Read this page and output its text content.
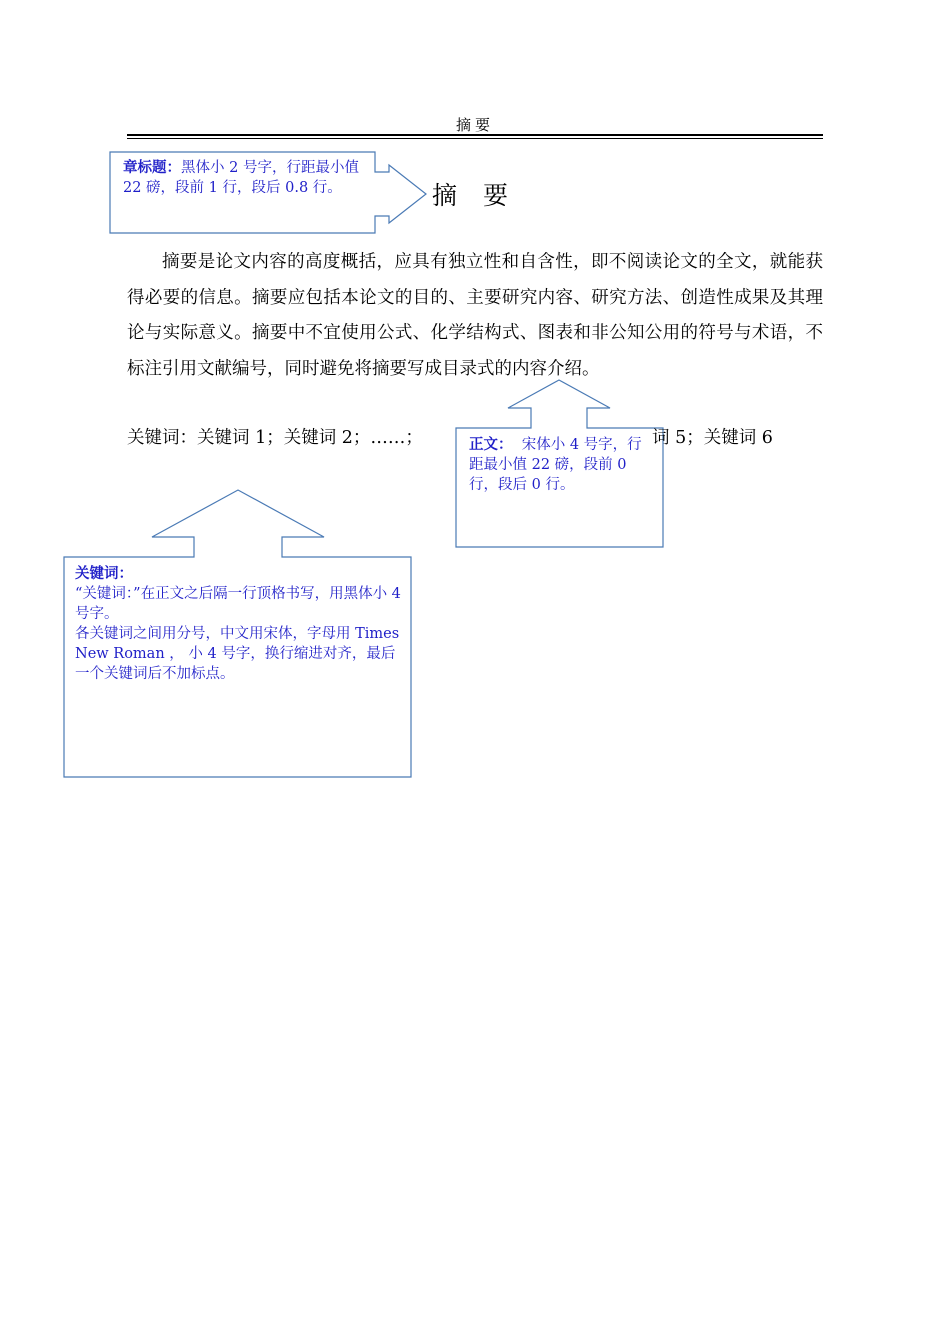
摘要
摘 要
摘要是论文内容的高度概括，应具有独立性和自含性，即不阅读论文的全文，就能获得必要的信息。摘要应包括本论文的目的、主要研究内容、研究方法、创造性成果及其理论与实际意义。摘要中不宜使用公式、化学结构式、图表和非公知公用的符号与术语，不标注引用文献编号，同时避免将摘要写成目录式的内容介绍。
关键词：关键词 1；关键词 2；……；	词 5；关键词 6
章标题：黑体小 2 号字，行距最小值 22 磅，段前 1 行，段后 0.8 行。
正文： 宋体小 4 号字，行距最小值 22 磅，段前 0 行，段后 0 行。
关键词：
“关键词：”在正文之后隔一行顶格书写，用黑体小 4 号字。
各关键词之间用分号，中文用宋体，字母用 Times New Roman ， 小 4 号字，换行缩进对齐，最后一个关键词后不加标点。
